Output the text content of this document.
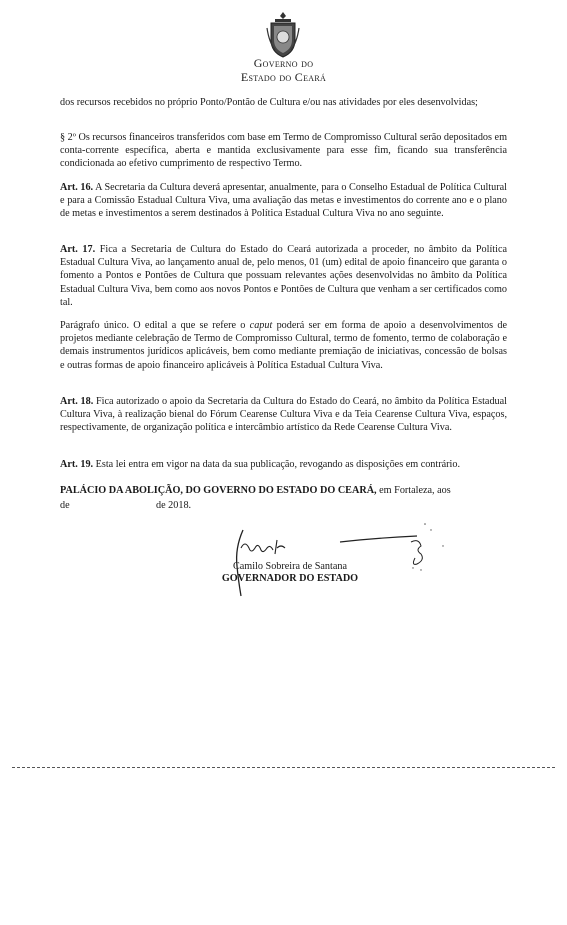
Governo do
Estado do Ceará

dos recursos recebidos no próprio Ponto/Pontão de Cultura e/ou nas atividades por eles desenvolvidas;

§ 2º Os recursos financeiros transferidos com base em Termo de Compromisso Cultural serão depositados em conta-corrente específica, aberta e mantida exclusivamente para esse fim, ficando sua transferência condicionada ao efetivo cumprimento de respectivo Termo.

Art. 16. A Secretaria da Cultura deverá apresentar, anualmente, para o Conselho Estadual de Política Cultural e para a Comissão Estadual Cultura Viva, uma avaliação das metas e investimentos do corrente ano e o plano de metas e investimentos a serem destinados à Política Estadual Cultura Viva no ano seguinte.

Art. 17. Fica a Secretaria de Cultura do Estado do Ceará autorizada a proceder, no âmbito da Política Estadual Cultura Viva, ao lançamento anual de, pelo menos, 01 (um) edital de apoio financeiro que garanta o fomento a Pontos e Pontões de Cultura que possuam relevantes ações desenvolvidas no âmbito da Política Estadual Cultura Viva, bem como aos novos Pontos e Pontões de Cultura que venham a ser certificados como tal.

Parágrafo único. O edital a que se refere o caput poderá ser em forma de apoio a desenvolvimentos de projetos mediante celebração de Termo de Compromisso Cultural, termo de fomento, termo de colaboração e demais instrumentos jurídicos aplicáveis, bem como mediante premiação de iniciativas, concessão de bolsas e outras formas de apoio financeiro aplicáveis à Política Estadual Cultura Viva.

Art. 18. Fica autorizado o apoio da Secretaria da Cultura do Estado do Ceará, no âmbito da Política Estadual Cultura Viva, à realização bienal do Fórum Cearense Cultura Viva e da Teia Cearense Cultura Viva, espaços, respectivamente, de organização política e intercâmbio artístico da Rede Cearense Cultura Viva.

Art. 19. Esta lei entra em vigor na data da sua publicação, revogando as disposições em contrário.

PALÁCIO DA ABOLIÇÃO, DO GOVERNO DO ESTADO DO CEARÁ, em Fortaleza, aos

de	de 2018.
Camilo Sobreira de Santana
GOVERNADOR DO ESTADO
